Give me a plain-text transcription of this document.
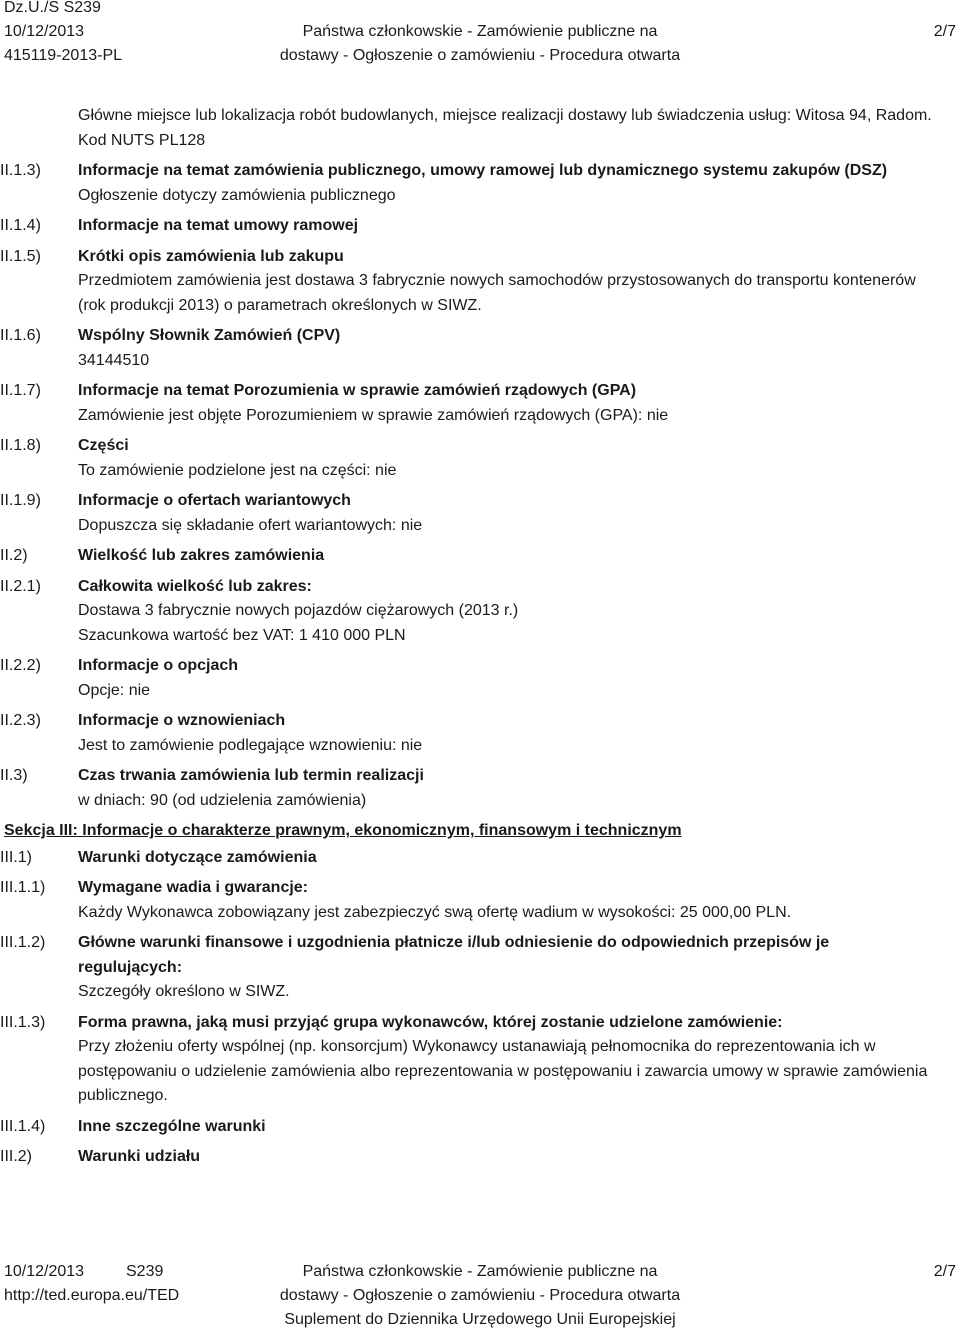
Dz.U./S S239
10/12/2013
415119-2013-PL
Państwa członkowskie - Zamówienie publiczne na
dostawy - Ogłoszenie o zamówieniu - Procedura otwarta
2/7
Główne miejsce lub lokalizacja robót budowlanych, miejsce realizacji dostawy lub świadczenia usług: Witosa 94, Radom.
Kod NUTS PL128
II.1.3)	Informacje na temat zamówienia publicznego, umowy ramowej lub dynamicznego systemu zakupów (DSZ)
Ogłoszenie dotyczy zamówienia publicznego
II.1.4)	Informacje na temat umowy ramowej
II.1.5)	Krótki opis zamówienia lub zakupu
Przedmiotem zamówienia jest dostawa 3 fabrycznie nowych samochodów przystosowanych do transportu kontenerów (rok produkcji 2013) o parametrach określonych w SIWZ.
II.1.6)	Wspólny Słownik Zamówień (CPV)
34144510
II.1.7)	Informacje na temat Porozumienia w sprawie zamówień rządowych (GPA)
Zamówienie jest objęte Porozumieniem w sprawie zamówień rządowych (GPA): nie
II.1.8)	Części
To zamówienie podzielone jest na części: nie
II.1.9)	Informacje o ofertach wariantowych
Dopuszcza się składanie ofert wariantowych: nie
II.2)	Wielkość lub zakres zamówienia
II.2.1)	Całkowita wielkość lub zakres:
Dostawa 3 fabrycznie nowych pojazdów ciężarowych (2013 r.)
Szacunkowa wartość bez VAT: 1 410 000 PLN
II.2.2)	Informacje o opcjach
Opcje: nie
II.2.3)	Informacje o wznowieniach
Jest to zamówienie podlegające wznowieniu: nie
II.3)	Czas trwania zamówienia lub termin realizacji
w dniach: 90 (od udzielenia zamówienia)
Sekcja III: Informacje o charakterze prawnym, ekonomicznym, finansowym i technicznym
III.1)	Warunki dotyczące zamówienia
III.1.1)	Wymagane wadia i gwarancje:
Każdy Wykonawca zobowiązany jest zabezpieczyć swą ofertę wadium w wysokości: 25 000,00 PLN.
III.1.2)	Główne warunki finansowe i uzgodnienia płatnicze i/lub odniesienie do odpowiednich przepisów je regulujących:
Szczegóły określono w SIWZ.
III.1.3)	Forma prawna, jaką musi przyjąć grupa wykonawców, której zostanie udzielone zamówienie:
Przy złożeniu oferty wspólnej (np. konsorcjum) Wykonawcy ustanawiają pełnomocnika do reprezentowania ich w postępowaniu o udzielenie zamówienia albo reprezentowania w postępowaniu i zawarcia umowy w sprawie zamówienia publicznego.
III.1.4)	Inne szczególne warunki
III.2)	Warunki udziału
10/12/2013	S239
http://ted.europa.eu/TED
Państwa członkowskie - Zamówienie publiczne na
dostawy - Ogłoszenie o zamówieniu - Procedura otwarta
Suplement do Dziennika Urzędowego Unii Europejskiej
2/7
